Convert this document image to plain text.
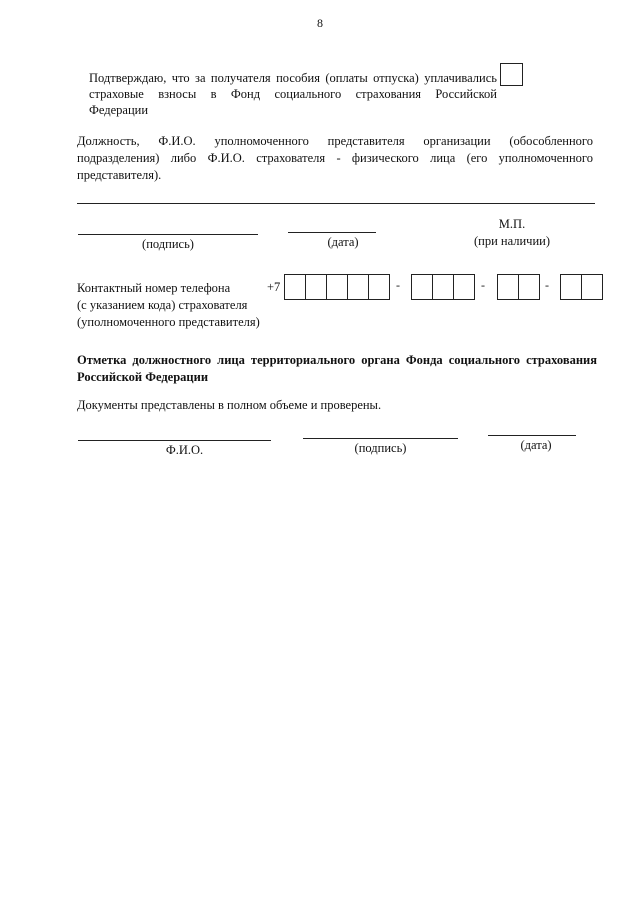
8
Подтверждаю, что за получателя пособия (оплаты отпуска) уплачивались
страховые взносы в Фонд социального страхования Российской
Федерации
Должность, Ф.И.О. уполномоченного представителя организации (обособленного
подразделения) либо Ф.И.О. страхователя - физического лица (его уполномоченного
представителя).
(подпись)	(дата)
М.П.
(при наличии)
Контактный номер телефона
(с указанием кода) страхователя
(уполномоченного представителя)
+7	-	-	-
Отметка должностного лица территориального органа Фонда социального страхования
Российской Федерации
Документы представлены в полном объеме и проверены.
Ф.И.О.	(подпись)	(дата)
